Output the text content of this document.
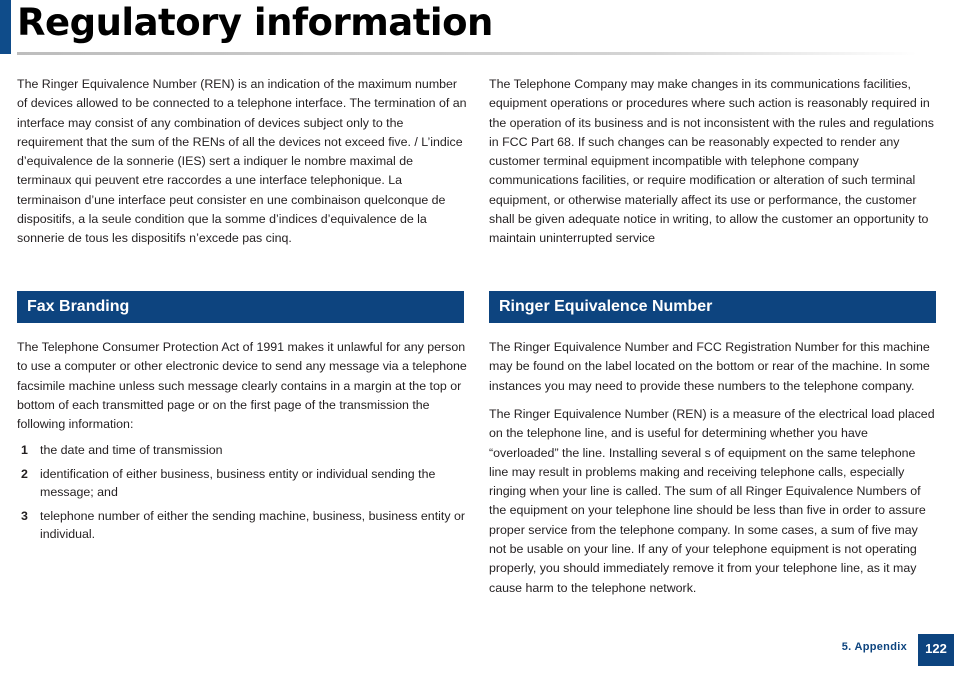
Regulatory information

The Ringer Equivalence Number (REN) is an indication of the maximum number of devices allowed to be connected to a telephone interface. The termination of an interface may consist of any combination of devices subject only to the requirement that the sum of the RENs of all the devices not exceed five. / L’indice d’equivalence de la sonnerie (IES) sert a indiquer le nombre maximal de terminaux qui peuvent etre raccordes a une interface telephonique. La terminaison d’une interface peut consister en une combinaison quelconque de dispositifs, a la seule condition que la somme d’indices d’equivalence de la sonnerie de tous les dispositifs n’excede pas cinq.

Fax Branding

The Telephone Consumer Protection Act of 1991 makes it unlawful for any person to use a computer or other electronic device to send any message via a telephone facsimile machine unless such message clearly contains in a margin at the top or bottom of each transmitted page or on the first page of the transmission the following information:

1 the date and time of transmission
2 identification of either business, business entity or individual sending the message; and
3 telephone number of either the sending machine, business, business entity or individual.

The Telephone Company may make changes in its communications facilities, equipment operations or procedures where such action is reasonably required in the operation of its business and is not inconsistent with the rules and regulations in FCC Part 68. If such changes can be reasonably expected to render any customer terminal equipment incompatible with telephone company communications facilities, or require modification or alteration of such terminal equipment, or otherwise materially affect its use or performance, the customer shall be given adequate notice in writing, to allow the customer an opportunity to maintain uninterrupted service

Ringer Equivalence Number

The Ringer Equivalence Number and FCC Registration Number for this machine may be found on the label located on the bottom or rear of the machine. In some instances you may need to provide these numbers to the telephone company.

The Ringer Equivalence Number (REN) is a measure of the electrical load placed on the telephone line, and is useful for determining whether you have “overloaded” the line. Installing several s of equipment on the same telephone line may result in problems making and receiving telephone calls, especially ringing when your line is called. The sum of all Ringer Equivalence Numbers of the equipment on your telephone line should be less than five in order to assure proper service from the telephone company. In some cases, a sum of five may not be usable on your line. If any of your telephone equipment is not operating properly, you should immediately remove it from your telephone line, as it may cause harm to the telephone network.

5. Appendix	122
